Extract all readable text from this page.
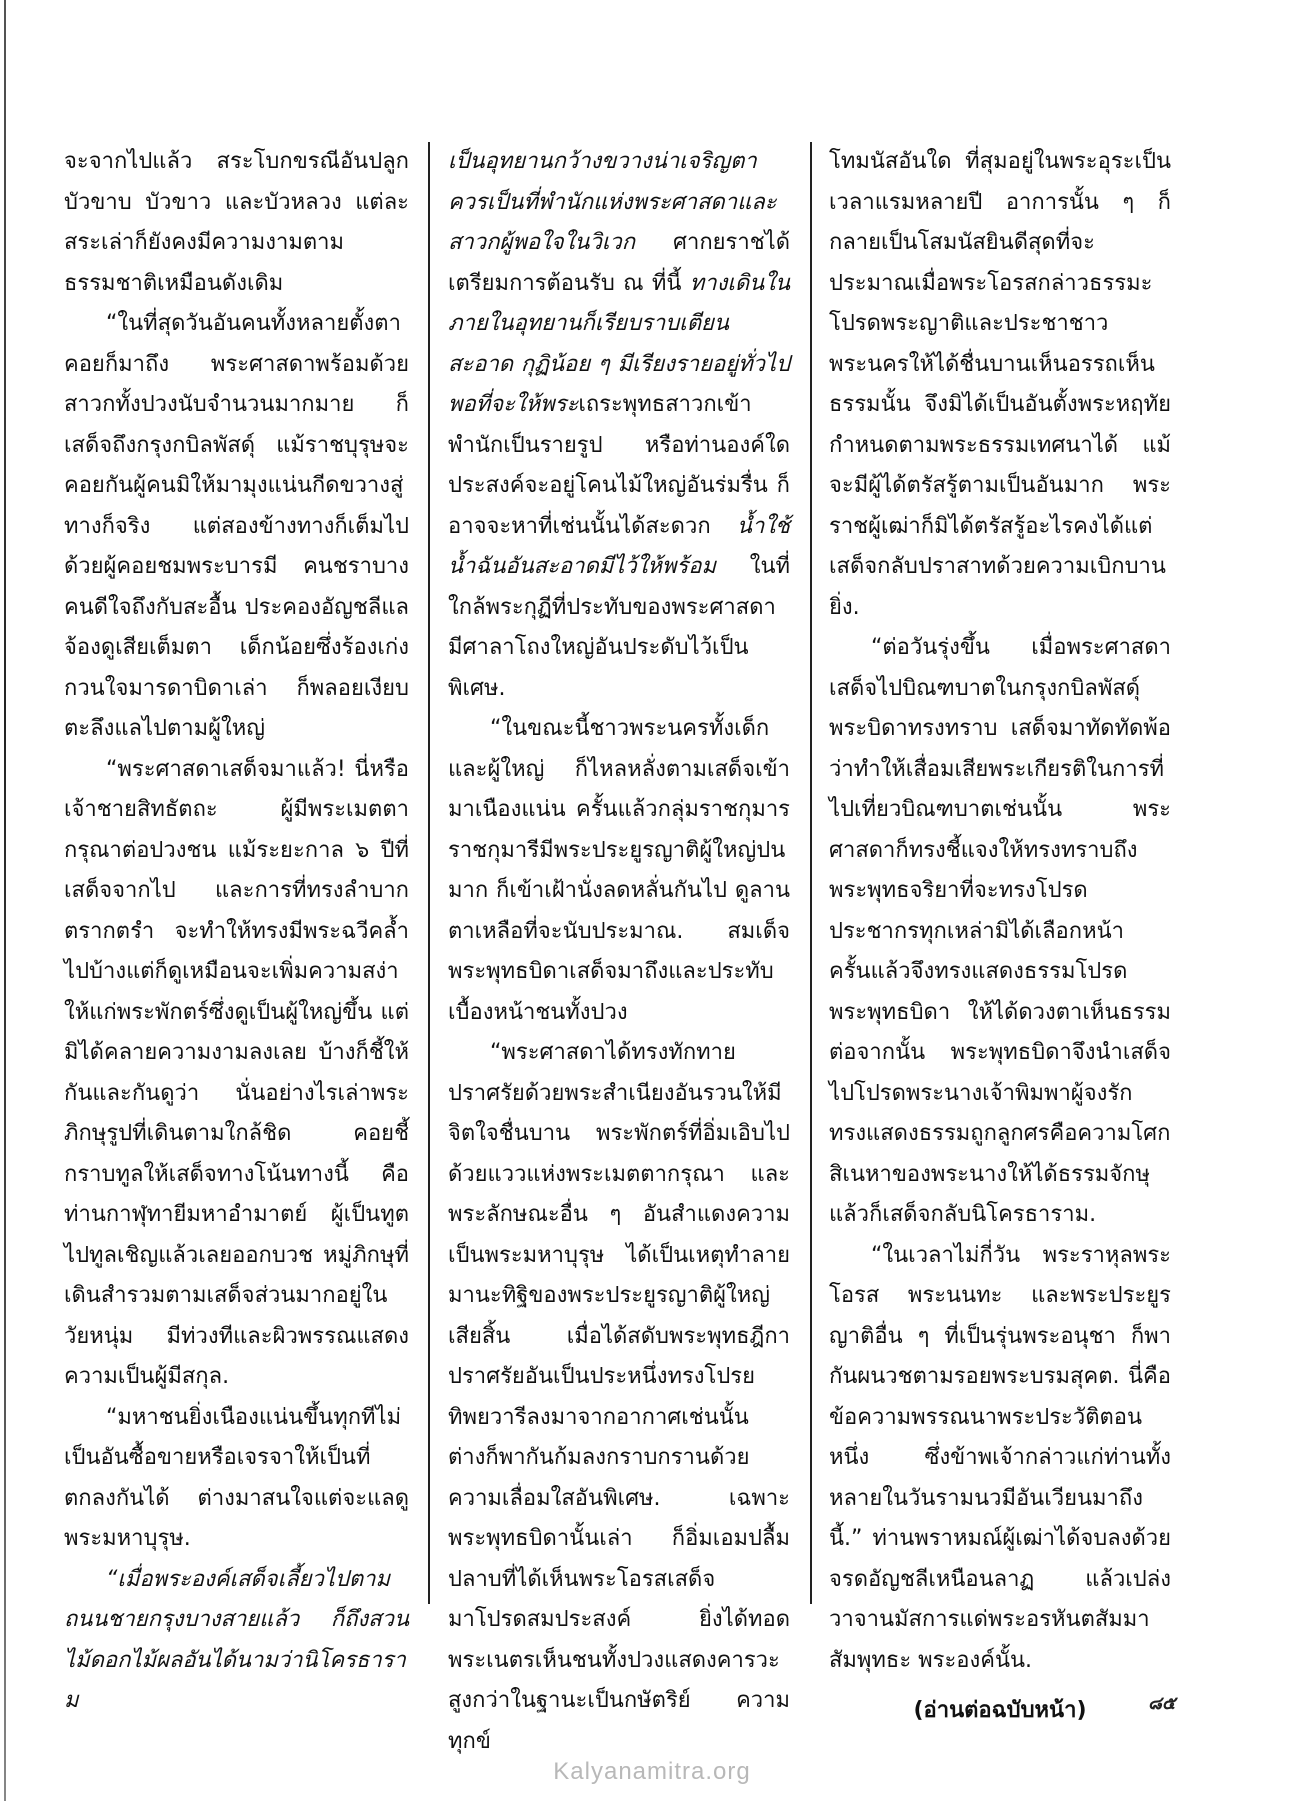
จะจากไปแล้ว สระโบกขรณีอันปลูกบัวขาบ บัวขาว และบัวหลวง แต่ละสระเล่าก็ยังคงมีความงามตามธรรมชาติเหมือนดังเดิม

“ในที่สุดวันอันคนทั้งหลายตั้งตาคอยก็มาถึง พระศาสดาพร้อมด้วยสาวกทั้งปวงนับจำนวนมากมาย ก็เสด็จถึงกรุงกบิลพัสดุ์ แม้ราชบุรุษจะคอยกันผู้คนมิให้มามุงแน่นกีดขวางสู่ทางก็จริง แต่สองข้างทางก็เต็มไปด้วยผู้คอยชมพระบารมี คนชราบางคนดีใจถึงกับสะอื้น ประคองอัญชลีแลจ้องดูเสียเต็มตา เด็กน้อยซึ่งร้องเก่งกวนใจมารดาบิดาเล่า ก็พลอยเงียบตะลึงแลไปตามผู้ใหญ่

“พระศาสดาเสด็จมาแล้ว! นี่หรือเจ้าชายสิทธัตถะ ผู้มีพระเมตตากรุณาต่อปวงชน แม้ระยะกาล ๖ ปีที่เสด็จจากไป และการที่ทรงลำบากตรากตรำ จะทำให้ทรงมีพระฉวีคล้ำไปบ้างแต่ก็ดูเหมือนจะเพิ่มความสง่าให้แก่พระพักตร์ซึ่งดูเป็นผู้ใหญ่ขึ้น แต่มิได้คลายความงามลงเลย บ้างก็ชี้ให้กันและกันดูว่า นั่นอย่างไรเล่าพระภิกษุรูปที่เดินตามใกล้ชิด คอยชี้กราบทูลให้เสด็จทางโน้นทางนี้ คือท่านกาฬุทายีมหาอำมาตย์ ผู้เป็นทูตไปทูลเชิญแล้วเลยออกบวช หมู่ภิกษุที่เดินสำรวมตามเสด็จส่วนมากอยู่ในวัยหนุ่ม มีท่วงทีและผิวพรรณแสดงความเป็นผู้มีสกุล.

“มหาชนยิ่งเนืองแน่นขึ้นทุกทีไม่เป็นอันซื้อขายหรือเจรจาให้เป็นที่ตกลงกันได้ ต่างมาสนใจแต่จะแลดูพระมหาบุรุษ.

“เมื่อพระองค์เสด็จเลี้ยวไปตามถนนชายกรุงบางสายแล้ว ก็ถึงสวนไม้ดอกไม้ผลอันได้นามว่านิโครธาราม

เป็นอุทยานกว้างขวางน่าเจริญตา ควรเป็นที่พำนักแห่งพระศาสดาและสาวกผู้พอใจในวิเวก ศากยราชได้เตรียมการต้อนรับ ณ ที่นี้ ทางเดินในภายในอุทยานก็เรียบราบเตียนสะอาด กุฏิน้อย ๆ มีเรียงรายอยู่ทั่วไป พอที่จะให้พระเถระพุทธสาวกเข้าพำนักเป็นรายรูป หรือท่านองค์ใด ประสงค์จะอยู่โคนไม้ใหญ่อันร่มรื่น ก็อาจจะหาที่เช่นนั้นได้สะดวก น้ำใช้น้ำฉันอันสะอาดมีไว้ให้พร้อม ในที่ใกล้พระกุฏีที่ประทับของพระศาสดา มีศาลาโถงใหญ่อันประดับไว้เป็นพิเศษ.

“ในขณะนี้ชาวพระนครทั้งเด็กและผู้ใหญ่ ก็ไหลหลั่งตามเสด็จเข้ามาเนืองแน่น ครั้นแล้วกลุ่มราชกุมาร ราชกุมารีมีพระประยูรญาติผู้ใหญ่ปนมาก ก็เข้าเฝ้านั่งลดหลั่นกันไป ดูลานตาเหลือที่จะนับประมาณ. สมเด็จพระพุทธบิดาเสด็จมาถึงและประทับเบื้องหน้าชนทั้งปวง

“พระศาสดาได้ทรงทักทายปราศรัยด้วยพระสำเนียงอันรวนให้มีจิตใจชื่นบาน พระพักตร์ที่อิ่มเอิบไปด้วยแววแห่งพระเมตตากรุณา และพระลักษณะอื่น ๆ อันสำแดงความเป็นพระมหาบุรุษ ได้เป็นเหตุทำลายมานะทิฐิของพระประยูรญาติผู้ใหญ่เสียสิ้น เมื่อได้สดับพระพุทธฎีกาปราศรัยอันเป็นประหนึ่งทรงโปรยทิพยวารีลงมาจากอากาศเช่นนั้น ต่างก็พากันก้มลงกราบกรานด้วยความเลื่อมใสอันพิเศษ. เฉพาะพระพุทธบิดานั้นเล่า ก็อิ่มเอมปลื้มปลาบที่ได้เห็นพระโอรสเสด็จมาโปรดสมประสงค์ ยิ่งได้ทอดพระเนตรเห็นชนทั้งปวงแสดงคารวะสูงกว่าในฐานะเป็นกษัตริย์ ความทุกข์

โทมนัสอันใด ที่สุมอยู่ในพระอุระเป็นเวลาแรมหลายปี อาการนั้น ๆ ก็กลายเป็นโสมนัสยินดีสุดที่จะประมาณเมื่อพระโอรสกล่าวธรรมะโปรดพระญาติและประชาชาวพระนครให้ได้ชื่นบานเห็นอรรถเห็นธรรมนั้น จึงมิได้เป็นอันตั้งพระหฤทัยกำหนดตามพระธรรมเทศนาได้ แม้จะมีผู้ได้ตรัสรู้ตามเป็นอันมาก พระราชผู้เฒ่าก็มิได้ตรัสรู้อะไรคงได้แต่เสด็จกลับปราสาทด้วยความเบิกบานยิ่ง.

“ต่อวันรุ่งขึ้น เมื่อพระศาสดาเสด็จไปบิณฑบาตในกรุงกบิลพัสดุ์ พระบิดาทรงทราบ เสด็จมาทัดทัดพ้อว่าทำให้เสื่อมเสียพระเกียรติในการที่ไปเที่ยวบิณฑบาตเช่นนั้น พระศาสดาก็ทรงชี้แจงให้ทรงทราบถึง พระพุทธจริยาที่จะทรงโปรดประชากรทุกเหล่ามิได้เลือกหน้า ครั้นแล้วจึงทรงแสดงธรรมโปรดพระพุทธบิดา ให้ได้ดวงตาเห็นธรรมต่อจากนั้น พระพุทธบิดาจึงนำเสด็จไปโปรดพระนางเจ้าพิมพาผู้จงรัก ทรงแสดงธรรมถูกลูกศรคือความโศก สิเนหาของพระนางให้ได้ธรรมจักษุแล้วก็เสด็จกลับนิโครธาราม.

“ในเวลาไม่กี่วัน พระราหุลพระโอรส พระนนทะ และพระประยูรญาติอื่น ๆ ที่เป็นรุ่นพระอนุชา ก็พากันผนวชตามรอยพระบรมสุคต. นี่คือข้อความพรรณนาพระประวัติตอนหนึ่ง ซึ่งข้าพเจ้ากล่าวแก่ท่านทั้งหลายในวันรามนวมีอันเวียนมาถึงนี้.” ท่านพราหมณ์ผู้เฒ่าได้จบลงด้วยจรดอัญชลีเหนือนลาฏ แล้วเปล่งวาจานมัสการแด่พระอรหันตสัมมาสัมพุทธะ พระองค์นั้น.

(อ่านต่อฉบับหน้า)	๘๕
Kalyanamitra.org
